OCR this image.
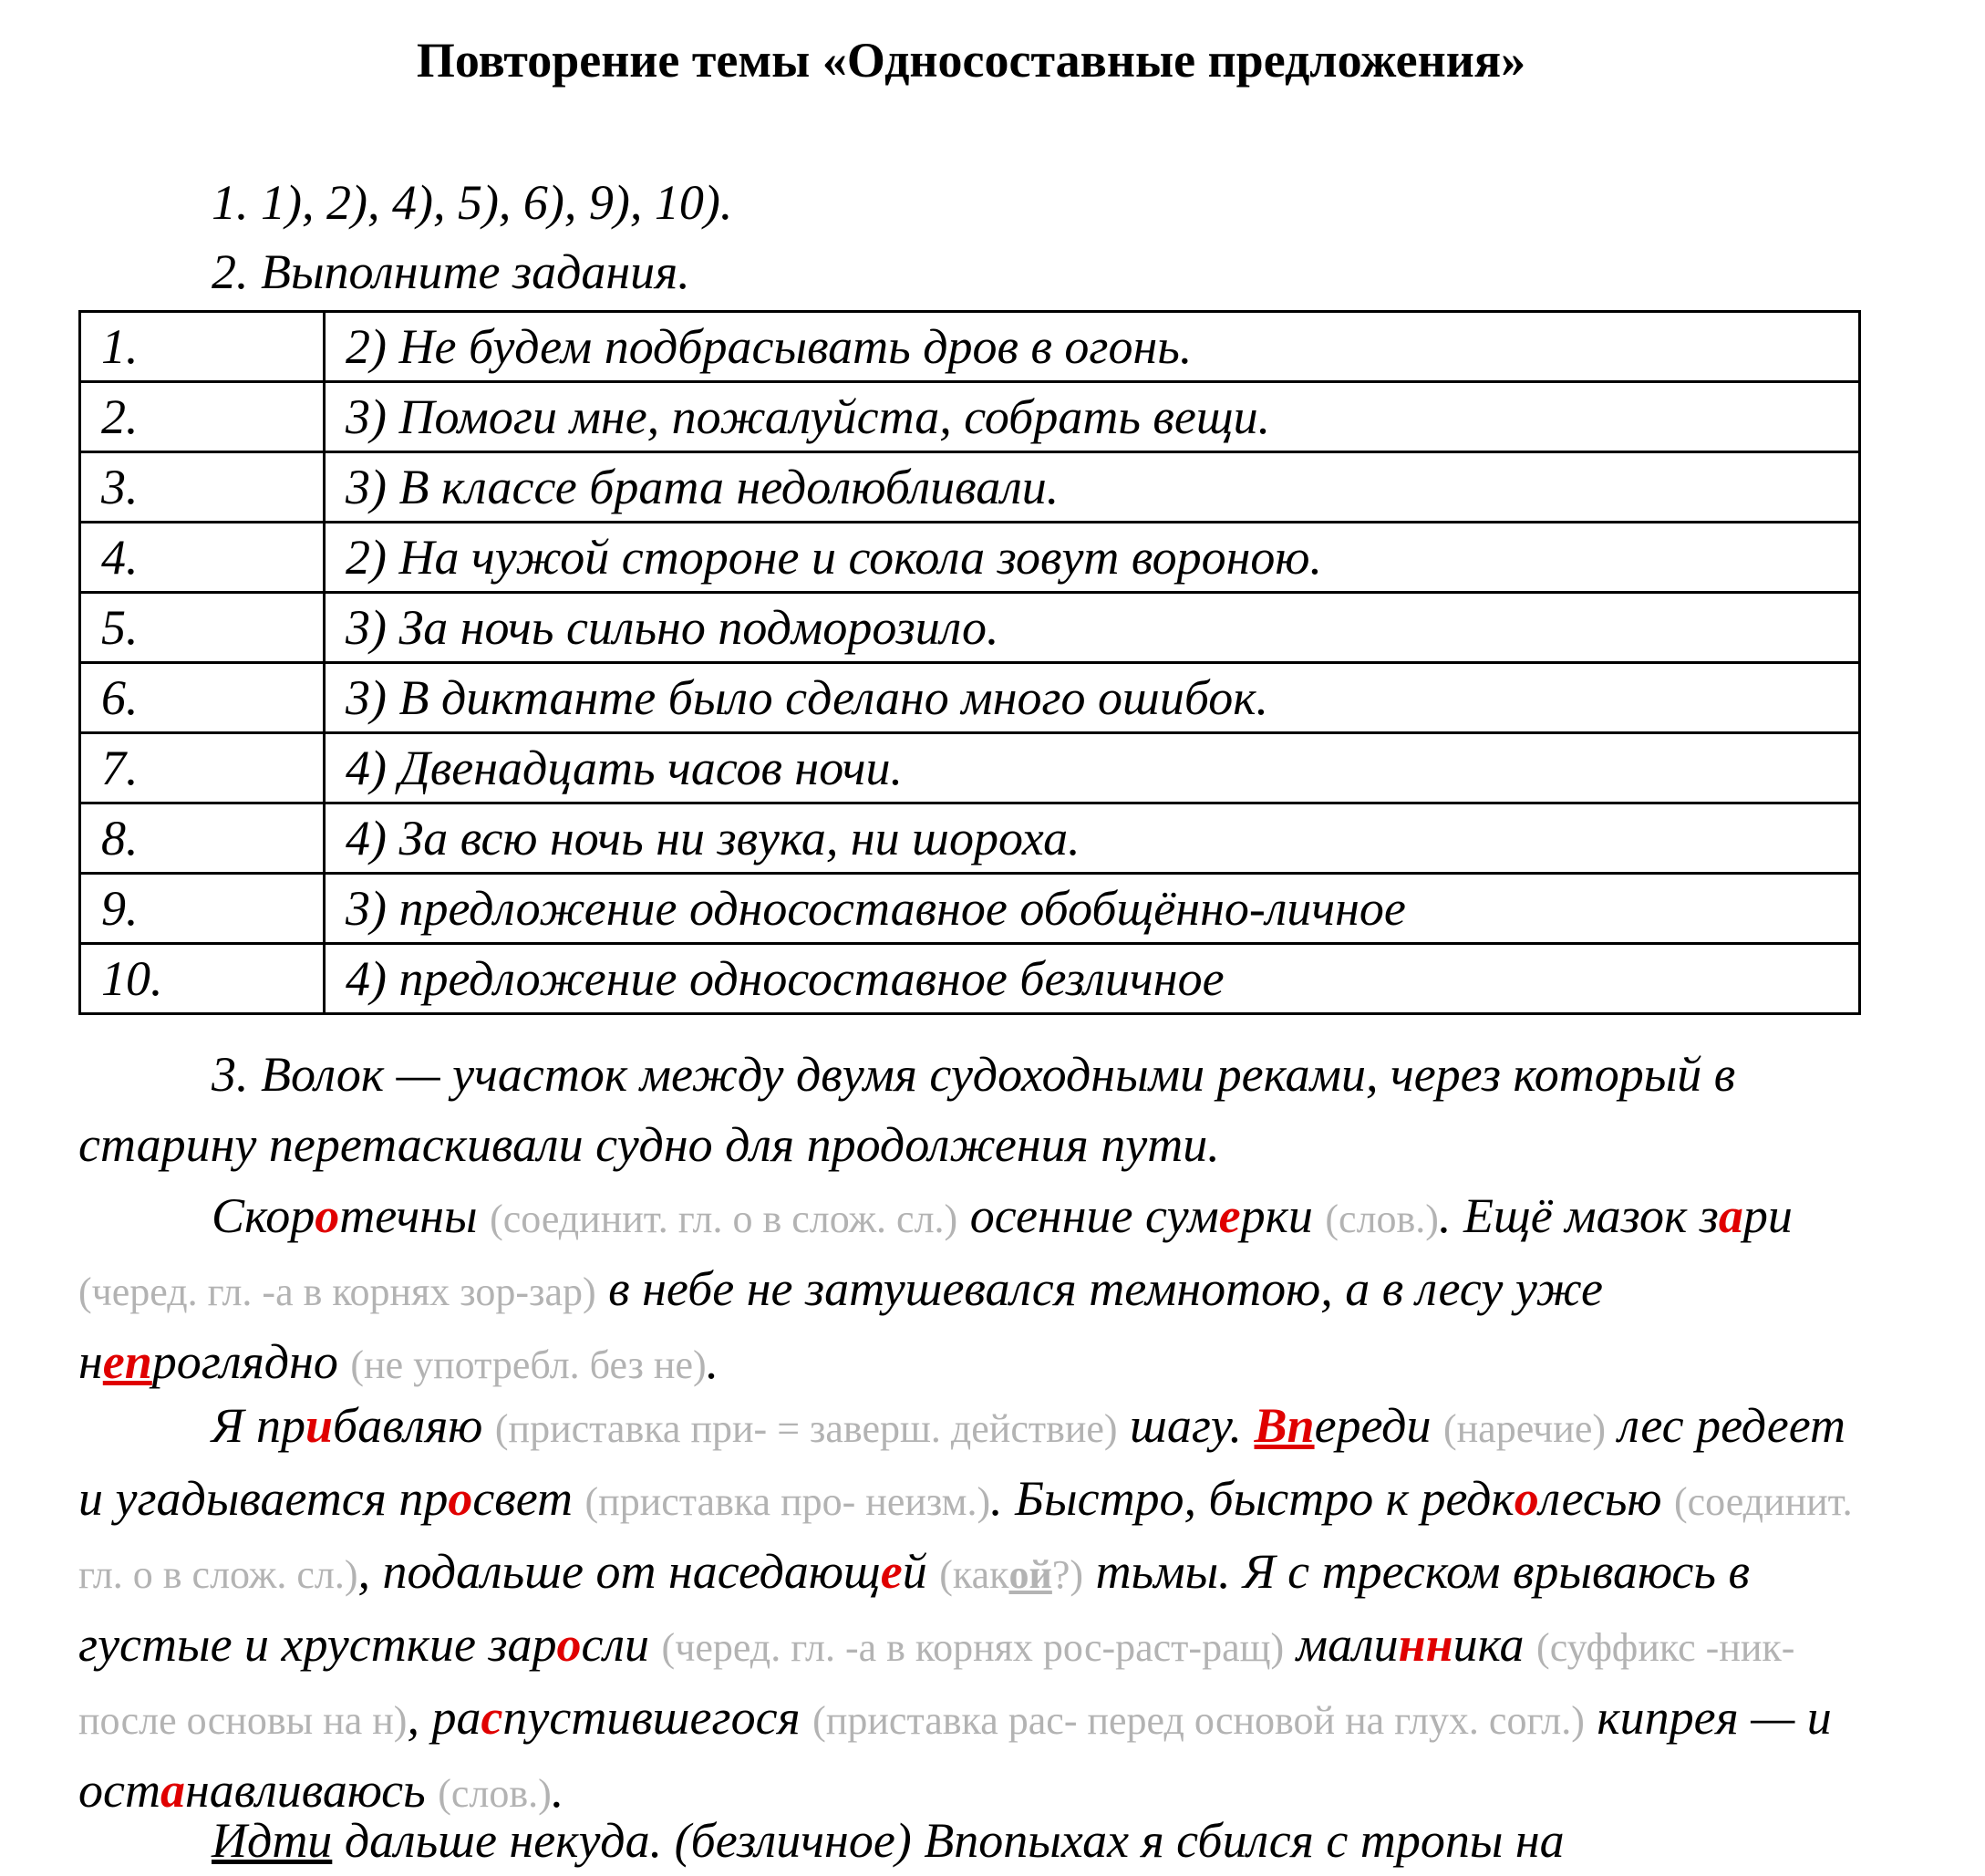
Повторение темы «Односоставные предложения»
1. 1), 2), 4), 5), 6), 9), 10).
2. Выполните задания.
1.	2) Не будем подбрасывать дров в огонь.
2.	3) Помоги мне, пожалуйста, собрать вещи.
3.	3) В классе брата недолюбливали.
4.	2) На чужой стороне и сокола зовут вороною.
5.	3) За ночь сильно подморозило.
6.	3) В диктанте было сделано много ошибок.
7.	4) Двенадцать часов ночи.
8.	4) За всю ночь ни звука, ни шороха.
9.	3) предложение односоставное обобщённо-личное
10.	4) предложение односоставное безличное
3. Волок — участок между двумя судоходными реками, через который в старину перетаскивали судно для продолжения пути.
Скоротечны (соединит. гл. о в слож. сл.) осенние сумерки (слов.). Ещё мазок зари (черед. гл. -а в корнях зор-зар) в небе не затушевался темнотою, а в лесу уже непроглядно (не употребл. без не).
Я прибавляю (приставка при- = заверш. действие) шагу. Впереди (наречие) лес редеет и угадывается просвет (приставка про- неизм.). Быстро, быстро к редколесью (соединит. гл. о в слож. сл.), подальше от наседающей (какой?) тьмы. Я с треском врываюсь в густые и хрусткие заросли (черед. гл. -а в корнях рос-раст-ращ) малинника (суффикс -ник- после основы на н), распустившегося (приставка рас- перед основой на глух. согл.) кипрея — и останавливаюсь (слов.).
Идти дальше некуда. (безличное) Впопыхах я сбился с тропы на
